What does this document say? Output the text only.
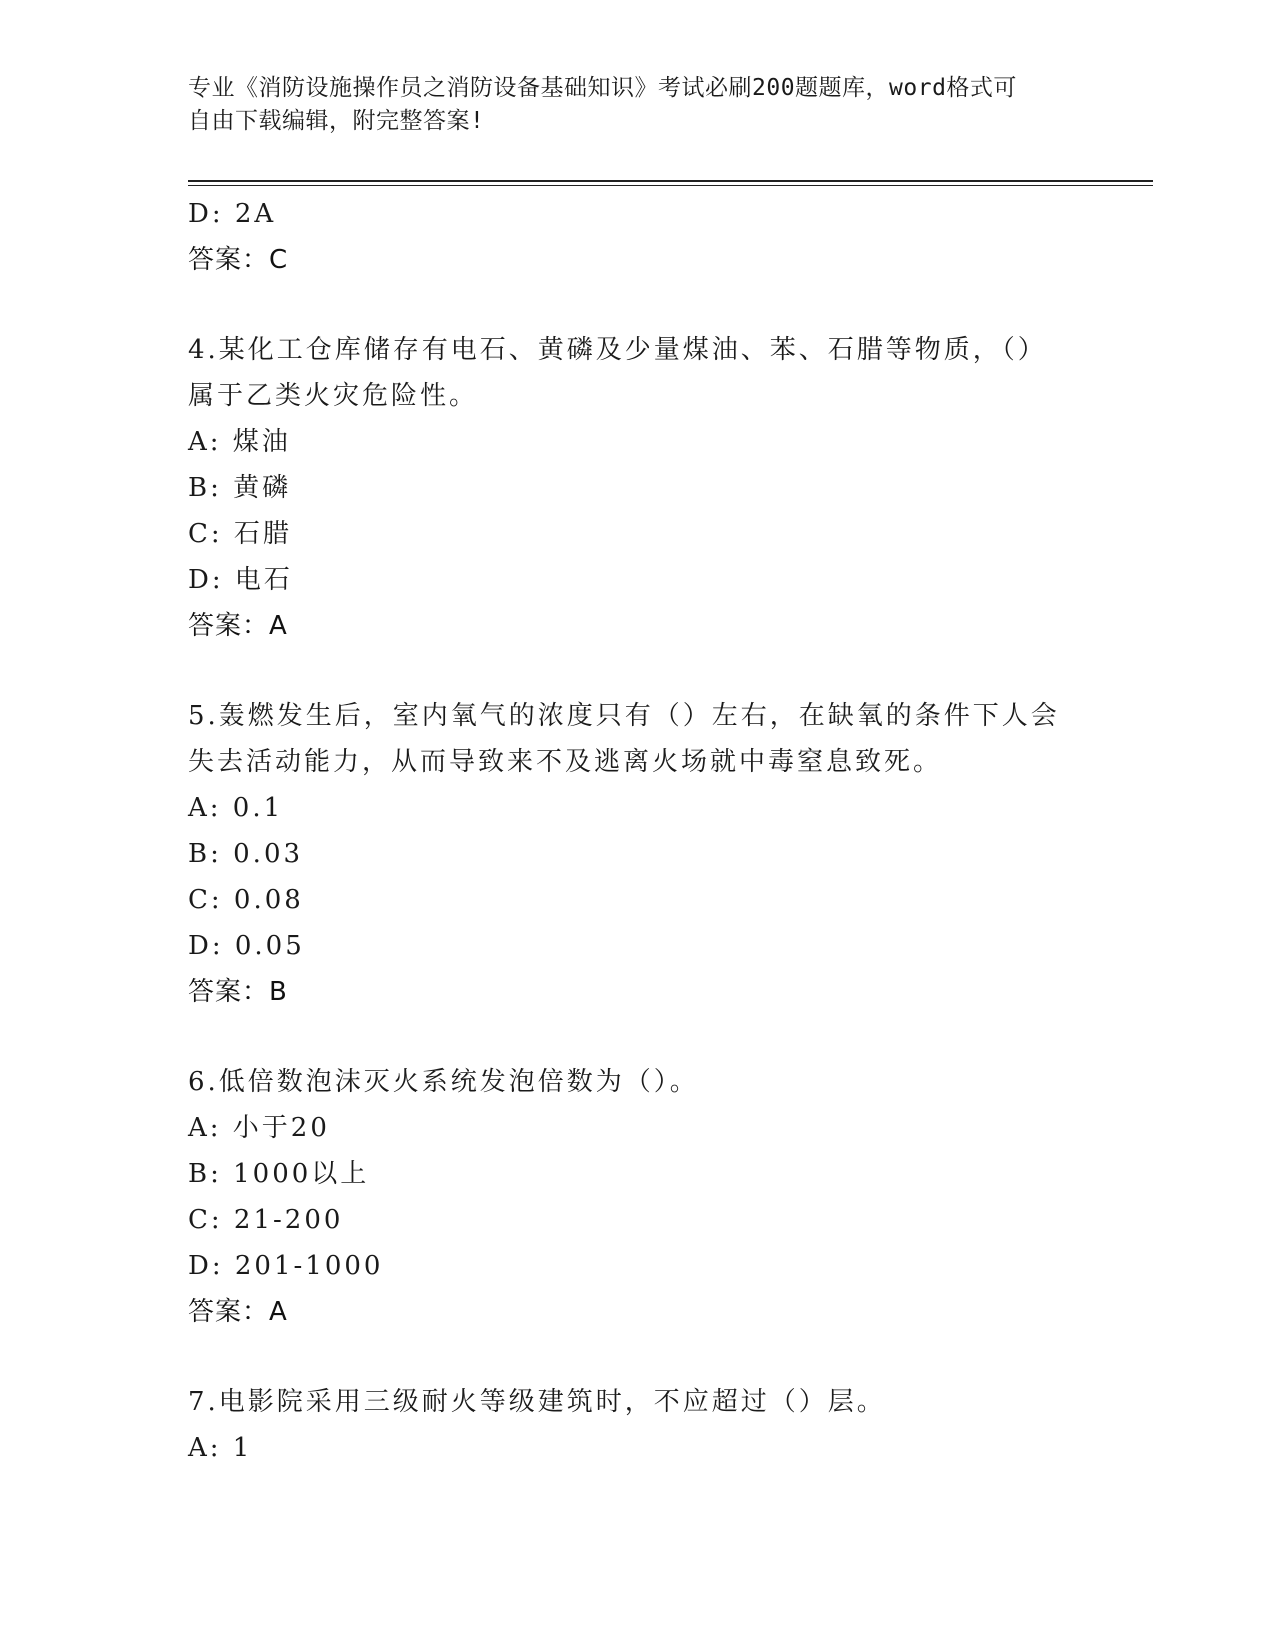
专业《消防设施操作员之消防设备基础知识》考试必刷200题题库，word格式可
自由下载编辑，附完整答案!
D: 2A
答案：C
4.某化工仓库储存有电石、黄磷及少量煤油、苯、石腊等物质，（）
属于乙类火灾危险性。
A: 煤油
B: 黄磷
C: 石腊
D: 电石
答案：A
5.轰燃发生后，室内氧气的浓度只有（）左右，在缺氧的条件下人会
失去活动能力，从而导致来不及逃离火场就中毒窒息致死。
A: 0.1
B: 0.03
C: 0.08
D: 0.05
答案：B
6.低倍数泡沫灭火系统发泡倍数为（）。
A: 小于20
B: 1000以上
C: 21-200
D: 201-1000
答案：A
7.电影院采用三级耐火等级建筑时，不应超过（）层。
A: 1
